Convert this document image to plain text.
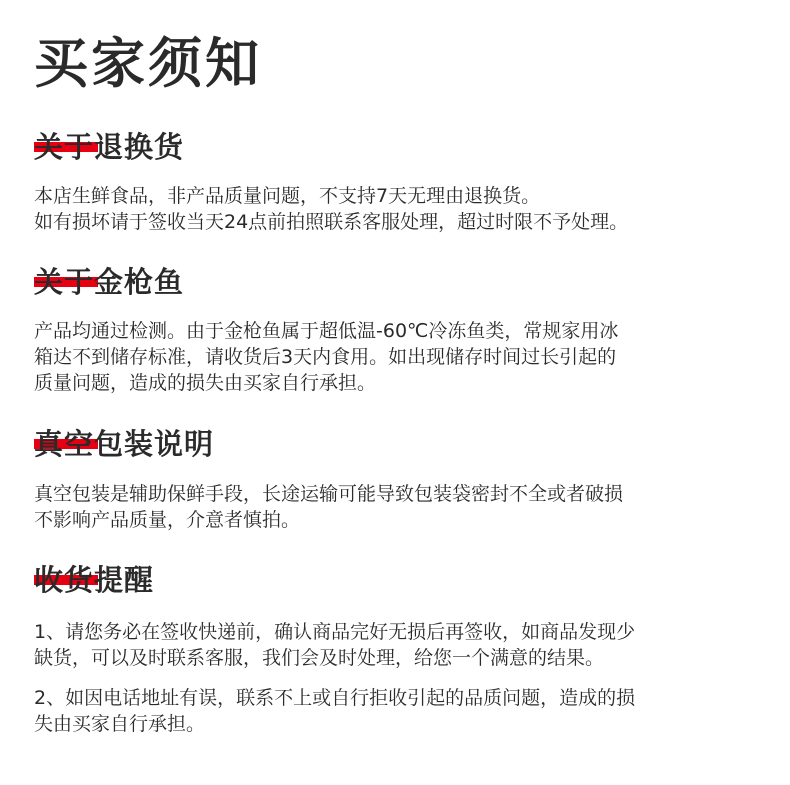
买家须知
关于退换货
本店生鲜食品，非产品质量问题，不支持7天无理由退换货。
如有损坏请于签收当天24点前拍照联系客服处理，超过时限不予处理。
关于金枪鱼
产品均通过检测。由于金枪鱼属于超低温-60℃冷冻鱼类，常规家用冰
箱达不到储存标准，请收货后3天内食用。如出现储存时间过长引起的
质量问题，造成的损失由买家自行承担。
真空包装说明
真空包装是辅助保鲜手段，长途运输可能导致包装袋密封不全或者破损
不影响产品质量，介意者慎拍。
收货提醒
1、请您务必在签收快递前，确认商品完好无损后再签收，如商品发现少
缺货，可以及时联系客服，我们会及时处理，给您一个满意的结果。
2、如因电话地址有误，联系不上或自行拒收引起的品质问题，造成的损
失由买家自行承担。
